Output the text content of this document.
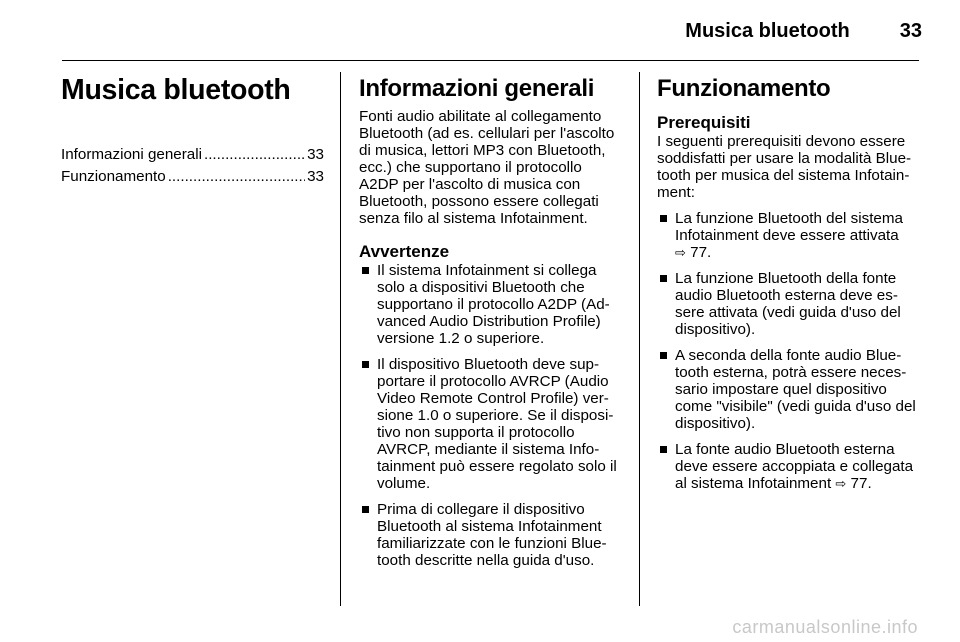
Musica bluetooth	33
Musica bluetooth
Informazioni generali .....	33
Funzionamento .....	33
Informazioni generali

Fonti audio abilitate al collegamento Bluetooth (ad es. cellulari per l'ascolto di musica, lettori MP3 con Bluetooth, ecc.) che supportano il protocollo A2DP per l'ascolto di musica con Bluetooth, possono essere collegati senza filo al sistema Infotainment.

Avvertenze
Il sistema Infotainment si collega solo a dispositivi Bluetooth che supportano il protocollo A2DP (Ad-vanced Audio Distribution Profile) versione 1.2 o superiore.
Il dispositivo Bluetooth deve sup-portare il protocollo AVRCP (Audio Video Remote Control Profile) ver-sione 1.0 o superiore. Se il disposi-tivo non supporta il protocollo AVRCP, mediante il sistema Info-tainment può essere regolato solo il volume.
Prima di collegare il dispositivo Bluetooth al sistema Infotainment familiarizzate con le funzioni Blue-tooth descritte nella guida d'uso.
Funzionamento
Prerequisiti

I seguenti prerequisiti devono essere soddisfatti per usare la modalità Blue-tooth per musica del sistema Infotain-ment:

La funzione Bluetooth del sistema Infotainment deve essere attivata
⇨ 77.
La funzione Bluetooth della fonte audio Bluetooth esterna deve es-sere attivata (vedi guida d'uso del dispositivo).
A seconda della fonte audio Blue-tooth esterna, potrà essere neces-sario impostare quel dispositivo come "visibile" (vedi guida d'uso del dispositivo).
La fonte audio Bluetooth esterna deve essere accoppiata e collegata al sistema Infotainment ⇨ 77.
carmanualsonline.info
